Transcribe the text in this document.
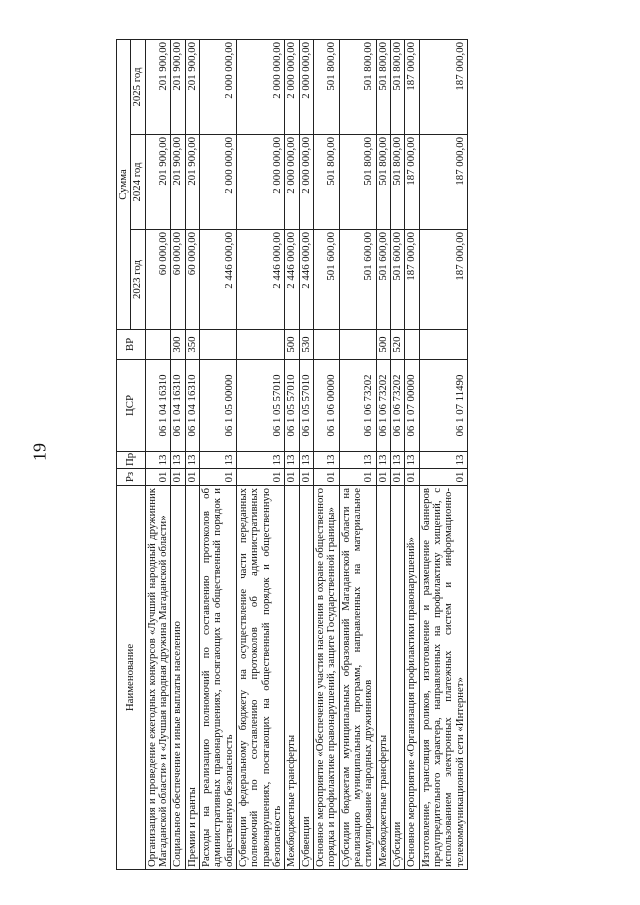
19
Наименование	Рз	Пр	ЦСР	ВР	Сумма		
					2023 год	2024 год	2025 год
Организация и проведение ежегодных конкурсов «Лучший народный дружинник Магаданской области» и «Лучшая народная дружина Магаданской области»	01	13	06 1 04 16310		60 000,00	201 900,00	201 900,00
Социальное обеспечение и иные выплаты населению	01	13	06 1 04 16310	300	60 000,00	201 900,00	201 900,00
Премии и гранты	01	13	06 1 04 16310	350	60 000,00	201 900,00	201 900,00
Расходы на реализацию полномочий по составлению протоколов об административных правонарушениях, посягающих на общественный порядок и общественную безопасность	01	13	06 1 05 00000		2 446 000,00	2 000 000,00	2 000 000,00
Субвенции федеральному бюджету на осуществление части переданных полномочий по составлению протоколов об административных правонарушениях, посягающих на общественный порядок и общественную безопасность	01	13	06 1 05 57010		2 446 000,00	2 000 000,00	2 000 000,00
Межбюджетные трансферты	01	13	06 1 05 57010	500	2 446 000,00	2 000 000,00	2 000 000,00
Субвенции	01	13	06 1 05 57010	530	2 446 000,00	2 000 000,00	2 000 000,00
Основное мероприятие «Обеспечение участия населения в охране общественного порядка и профилактике правонарушений, защите Государственной границы»	01	13	06 1 06 00000		501 600,00	501 800,00	501 800,00
Субсидии бюджетам муниципальных образований Магаданской области на реализацию муниципальных программ, направленных на материальное стимулирование народных дружинников	01	13	06 1 06 73202		501 600,00	501 800,00	501 800,00
Межбюджетные трансферты	01	13	06 1 06 73202	500	501 600,00	501 800,00	501 800,00
Субсидии	01	13	06 1 06 73202	520	501 600,00	501 800,00	501 800,00
Основное мероприятие «Организация профилактики правонарушений»	01	13	06 1 07 00000		187 000,00	187 000,00	187 000,00
Изготовление, трансляция роликов, изготовление и размещение баннеров предупредительного характера, направленных на профилактику хищений, с использованием электронных платежных систем и информационно-телекоммуникационной сети «Интернет»	01	13	06 1 07 11490		187 000,00	187 000,00	187 000,00
